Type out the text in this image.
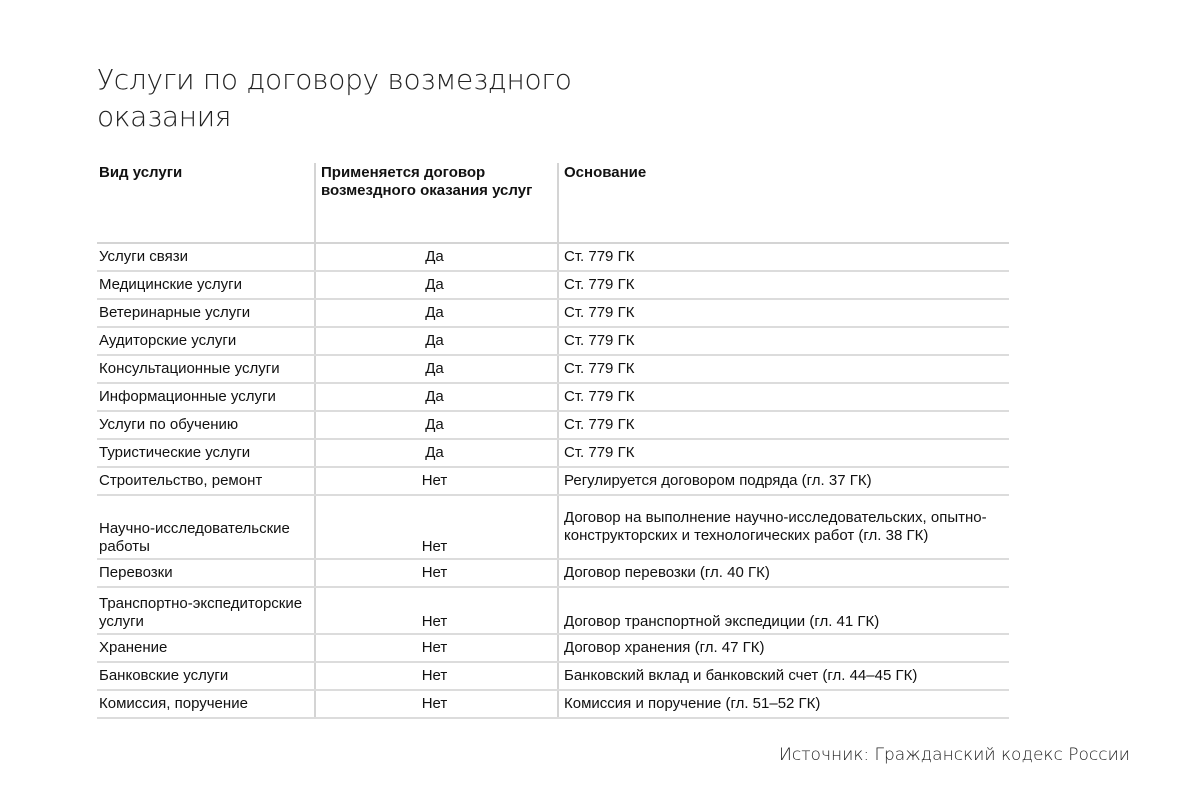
Услуги по договору возмездного оказания
Вид услуги	Применяется договор возмездного оказания услуг	Основание
Услуги связи	Да	Ст. 779 ГК
Медицинские услуги	Да	Ст. 779 ГК
Ветеринарные услуги	Да	Ст. 779 ГК
Аудиторские услуги	Да	Ст. 779 ГК
Консультационные услуги	Да	Ст. 779 ГК
Информационные услуги	Да	Ст. 779 ГК
Услуги по обучению	Да	Ст. 779 ГК
Туристические услуги	Да	Ст. 779 ГК
Строительство, ремонт	Нет	Регулируется договором подряда (гл. 37 ГК)
Научно-исследовательские работы	Нет	Договор на выполнение научно-исследовательских, опытно-конструкторских и технологических работ (гл. 38 ГК)
Перевозки	Нет	Договор перевозки (гл. 40 ГК)
Транспортно-экспедиторские услуги	Нет	Договор транспортной экспедиции (гл. 41 ГК)
Хранение	Нет	Договор хранения (гл. 47 ГК)
Банковские услуги	Нет	Банковский вклад и банковский счет (гл. 44–45 ГК)
Комиссия, поручение	Нет	Комиссия и поручение (гл. 51–52 ГК)
Источник: Гражданский кодекс России
